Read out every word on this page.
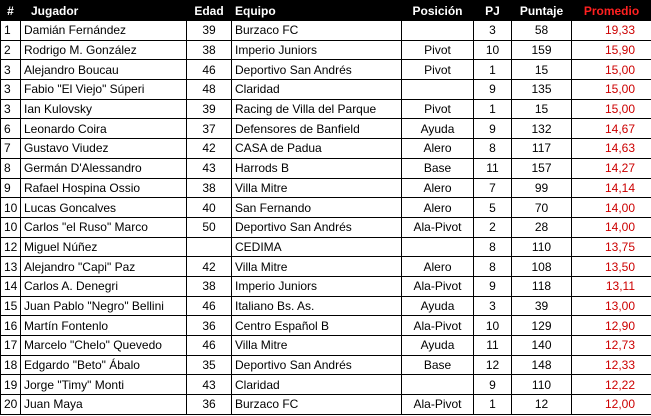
#	Jugador	Edad	Equipo	Posición	PJ	Puntaje	Promedio
1	Damián Fernández	39	Burzaco FC		3	58	19,33
2	Rodrigo M. González	38	Imperio Juniors	Pivot	10	159	15,90
3	Alejandro Boucau	46	Deportivo San Andrés	Pivot	1	15	15,00
3	Fabio "El Viejo" Súperi	48	Claridad		9	135	15,00
3	Ian Kulovsky	39	Racing de Villa del Parque	Pivot	1	15	15,00
6	Leonardo Coira	37	Defensores de Banfield	Ayuda	9	132	14,67
7	Gustavo Viudez	42	CASA de Padua	Alero	8	117	14,63
8	Germán D'Alessandro	43	Harrods B	Base	11	157	14,27
9	Rafael Hospina Ossio	38	Villa Mitre	Alero	7	99	14,14
10	Lucas Goncalves	40	San Fernando	Alero	5	70	14,00
10	Carlos "el Ruso" Marco	50	Deportivo San Andrés	Ala-Pivot	2	28	14,00
12	Miguel Núñez		CEDIMA		8	110	13,75
13	Alejandro "Capi" Paz	42	Villa Mitre	Alero	8	108	13,50
14	Carlos A. Denegri	38	Imperio Juniors	Ala-Pivot	9	118	13,11
15	Juan Pablo "Negro" Bellini	46	Italiano Bs. As.	Ayuda	3	39	13,00
16	Martín Fontenlo	36	Centro Español B	Ala-Pivot	10	129	12,90
17	Marcelo "Chelo" Quevedo	46	Villa Mitre	Ayuda	11	140	12,73
18	Edgardo "Beto" Ábalo	35	Deportivo San Andrés	Base	12	148	12,33
19	Jorge "Timy" Monti	43	Claridad		9	110	12,22
20	Juan Maya	36	Burzaco FC	Ala-Pivot	1	12	12,00
